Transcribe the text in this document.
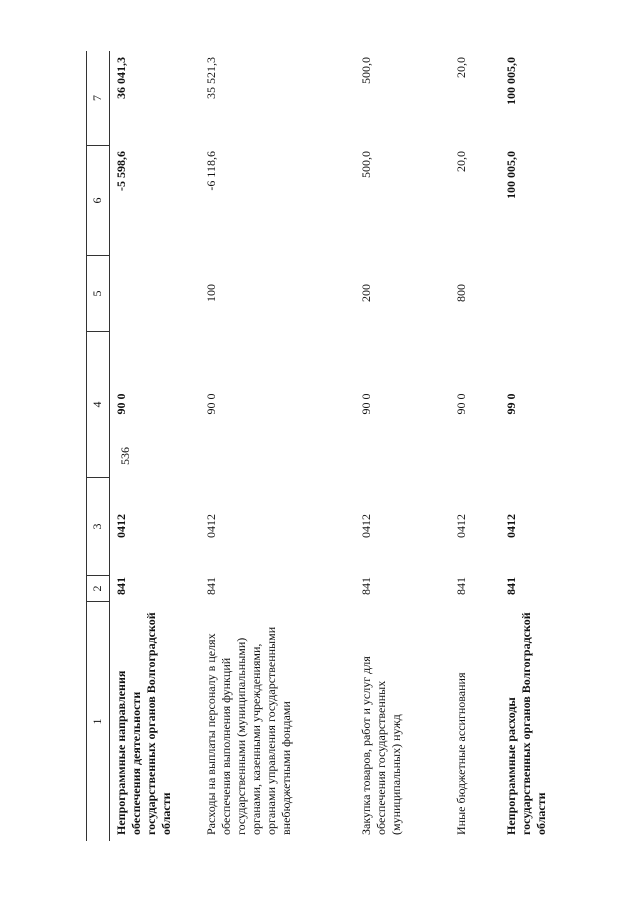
536
1
2
3
4
5
6
7
Непрограммные направления обеспечения деятельности государственных органов Волгоградской области
841
0412
90 0
-5 598,6
36 041,3
Расходы на выплаты персоналу в целях обеспечения выполнения функций государственными (муниципальными) органами, казенными учреждениями, органами управления государственными внебюджетными фондами
841
0412
90 0
100
-6 118,6
35 521,3
Закупка товаров, работ и услуг для обеспечения государственных (муниципальных) нужд
841
0412
90 0
200
500,0
500,0
Иные бюджетные ассигнования
841
0412
90 0
800
20,0
20,0
Непрограммные расходы государственных органов Волгоградской области
841
0412
99 0
100 005,0
100 005,0
